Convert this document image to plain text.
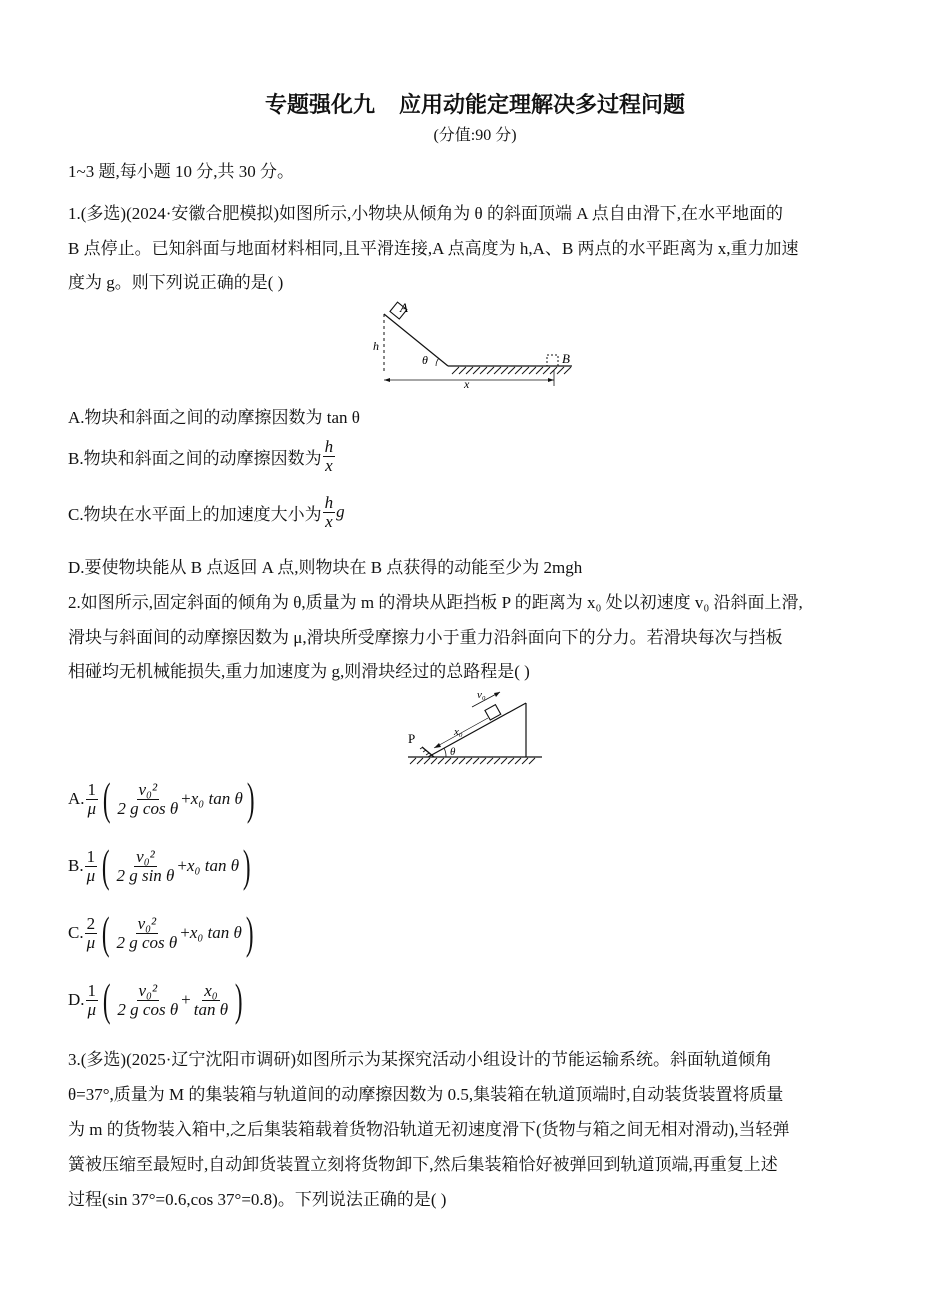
专题强化九 应用动能定理解决多过程问题
(分值:90 分)
1~3 题,每小题 10 分,共 30 分。
1.(多选)(2024·安徽合肥模拟)如图所示,小物块从倾角为 θ 的斜面顶端 A 点自由滑下,在水平地面的
B 点停止。已知斜面与地面材料相同,且平滑连接,A 点高度为 h,A、B 两点的水平距离为 x,重力加速
度为 g。则下列说正确的是( )
A
B
h
θ
x
A.物块和斜面之间的动摩擦因数为 tan θ
B.物块和斜面之间的动摩擦因数为 $\frac{h}{x}$
C.物块在水平面上的加速度大小为 $\frac{h}{x}$ g
D.要使物块能从 B 点返回 A 点,则物块在 B 点获得的动能至少为 2mgh
2.如图所示,固定斜面的倾角为 θ,质量为 m 的滑块从距挡板 P 的距离为 x₀ 处以初速度 v₀ 沿斜面上滑,
滑块与斜面间的动摩擦因数为 μ,滑块所受摩擦力小于重力沿斜面向下的分力。若滑块每次与挡板
相碰均无机械能损失,重力加速度为 g,则滑块经过的总路程是( )
P
v₀
x₀
θ
A. $\frac{1}{\mu}$ ( $\frac{\text{v₀²}}{\text{2 g cos θ}} + x_0$ tan θ )
B. $\frac{1}{\mu}$ ( $\frac{\text{v₀²}}{\text{2 g sin θ}} + x_0$ tan θ )
C. $\frac{2}{\mu}$ ( $\frac{\text{v₀²}}{\text{2 g cos θ}} + x_0$ tan θ )
D. $\frac{1}{\mu}$ ( $\frac{\text{v₀²}}{\text{2 g cos θ}} + \frac{\text{x₀}}{\text{tan θ}}$ )
3.(多选)(2025·辽宁沈阳市调研)如图所示为某探究活动小组设计的节能运输系统。斜面轨道倾角
θ=37°,质量为 M 的集装箱与轨道间的动摩擦因数为 0.5,集装箱在轨道顶端时,自动装货装置将质量
为 m 的货物装入箱中,之后集装箱载着货物沿轨道无初速度滑下(货物与箱之间无相对滑动),当轻弹
簧被压缩至最短时,自动卸货装置立刻将货物卸下,然后集装箱恰好被弹回到轨道顶端,再重复上述
过程(sin 37°=0.6,cos 37°=0.8)。下列说法正确的是( )
